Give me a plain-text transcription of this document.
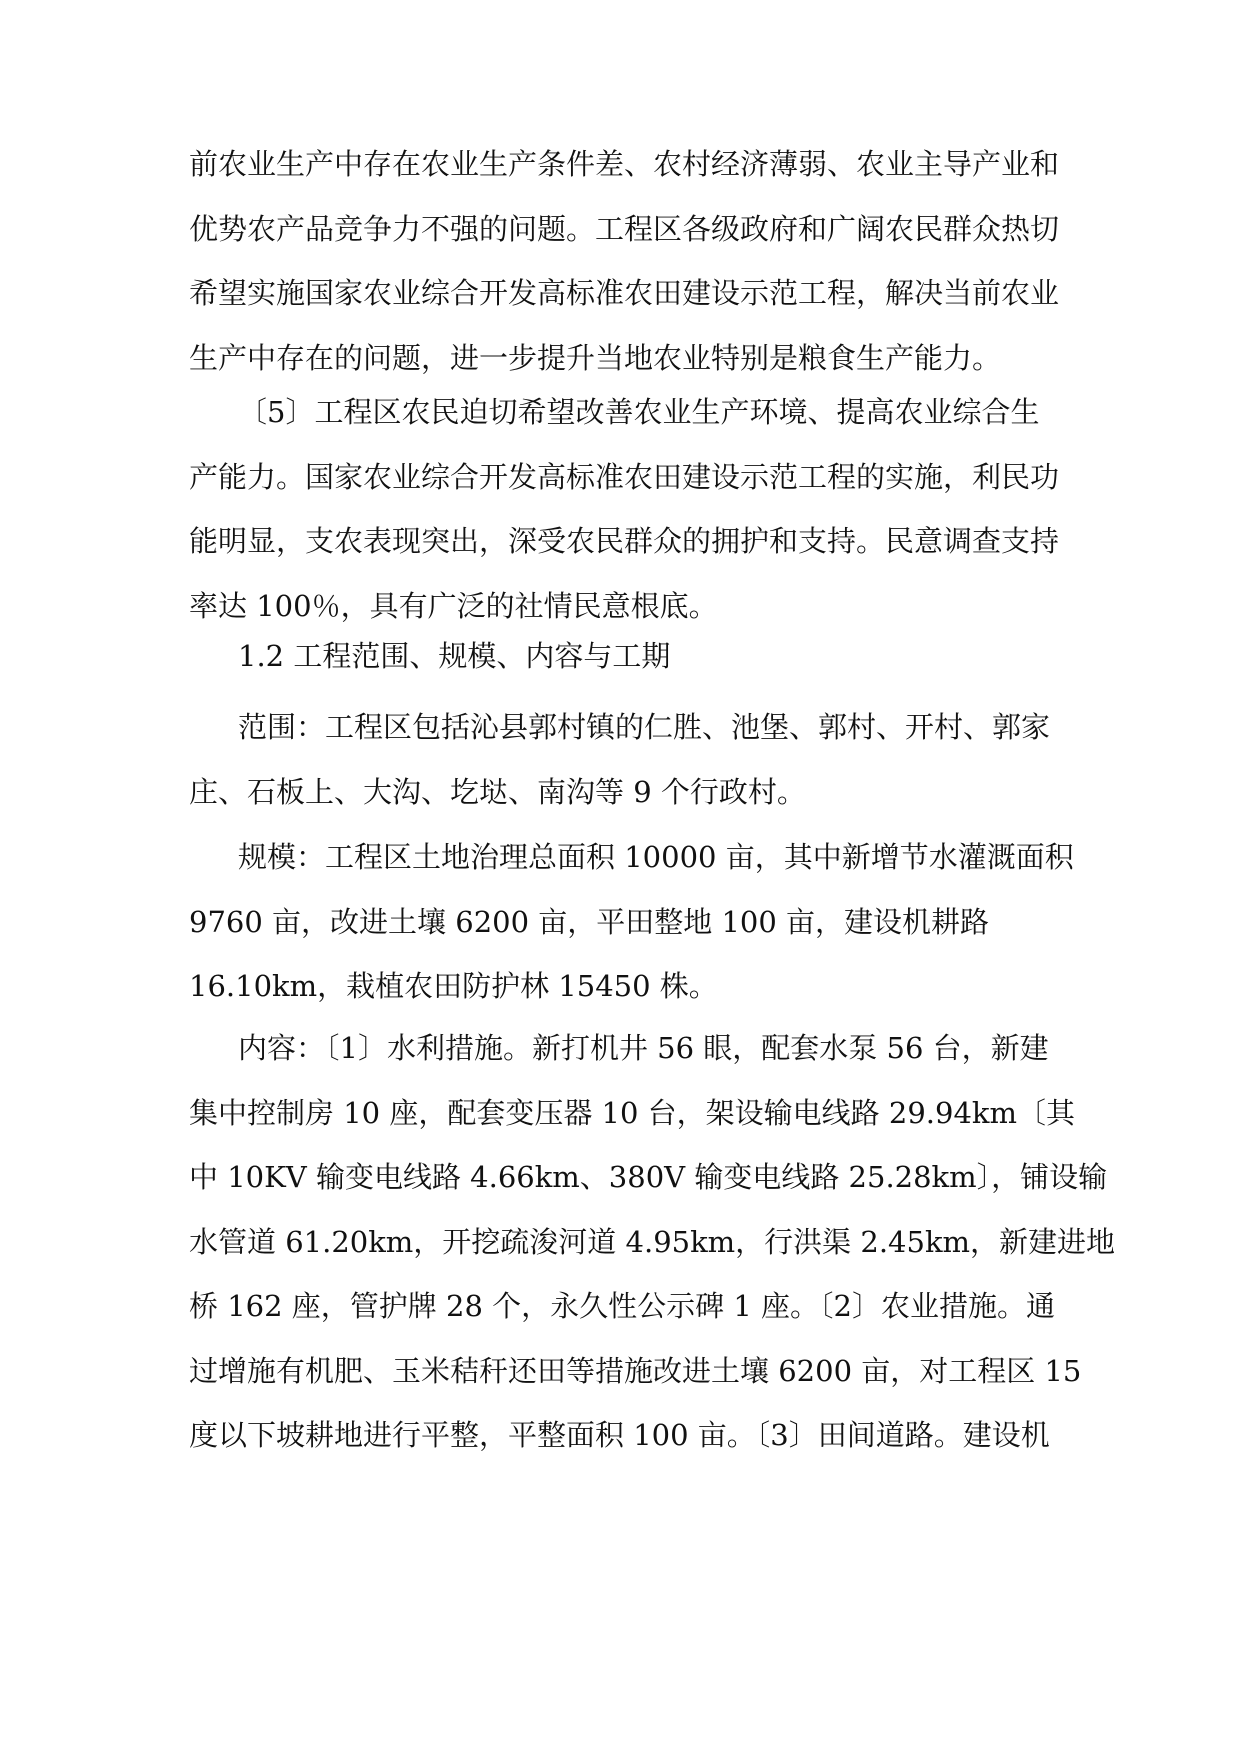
前农业生产中存在农业生产条件差、农村经济薄弱、农业主导产业和
优势农产品竞争力不强的问题。工程区各级政府和广阔农民群众热切
希望实施国家农业综合开发高标准农田建设示范工程，解决当前农业
生产中存在的问题，进一步提升当地农业特别是粮食生产能力。
〔5〕工程区农民迫切希望改善农业生产环境、提高农业综合生
产能力。国家农业综合开发高标准农田建设示范工程的实施，利民功
能明显，支农表现突出，深受农民群众的拥护和支持。民意调查支持
率达 100％，具有广泛的社情民意根底。
1.2 工程范围、规模、内容与工期
范围：工程区包括沁县郭村镇的仁胜、池堡、郭村、开村、郭家
庄、石板上、大沟、圪垯、南沟等 9 个行政村。
规模：工程区土地治理总面积 10000 亩，其中新增节水灌溉面积
9760 亩，改进土壤 6200 亩，平田整地 100 亩，建设机耕路
16.10km，栽植农田防护林 15450 株。
内容：〔1〕水利措施。新打机井 56 眼，配套水泵 56 台，新建
集中控制房 10 座，配套变压器 10 台，架设输电线路 29.94km〔其
中 10KV 输变电线路 4.66km、380V 输变电线路 25.28km〕，铺设输
水管道 61.20km，开挖疏浚河道 4.95km，行洪渠 2.45km，新建进地
桥 162 座，管护牌 28 个，永久性公示碑 1 座。〔2〕农业措施。通
过增施有机肥、玉米秸秆还田等措施改进土壤 6200 亩，对工程区 15
度以下坡耕地进行平整，平整面积 100 亩。〔3〕田间道路。建设机
